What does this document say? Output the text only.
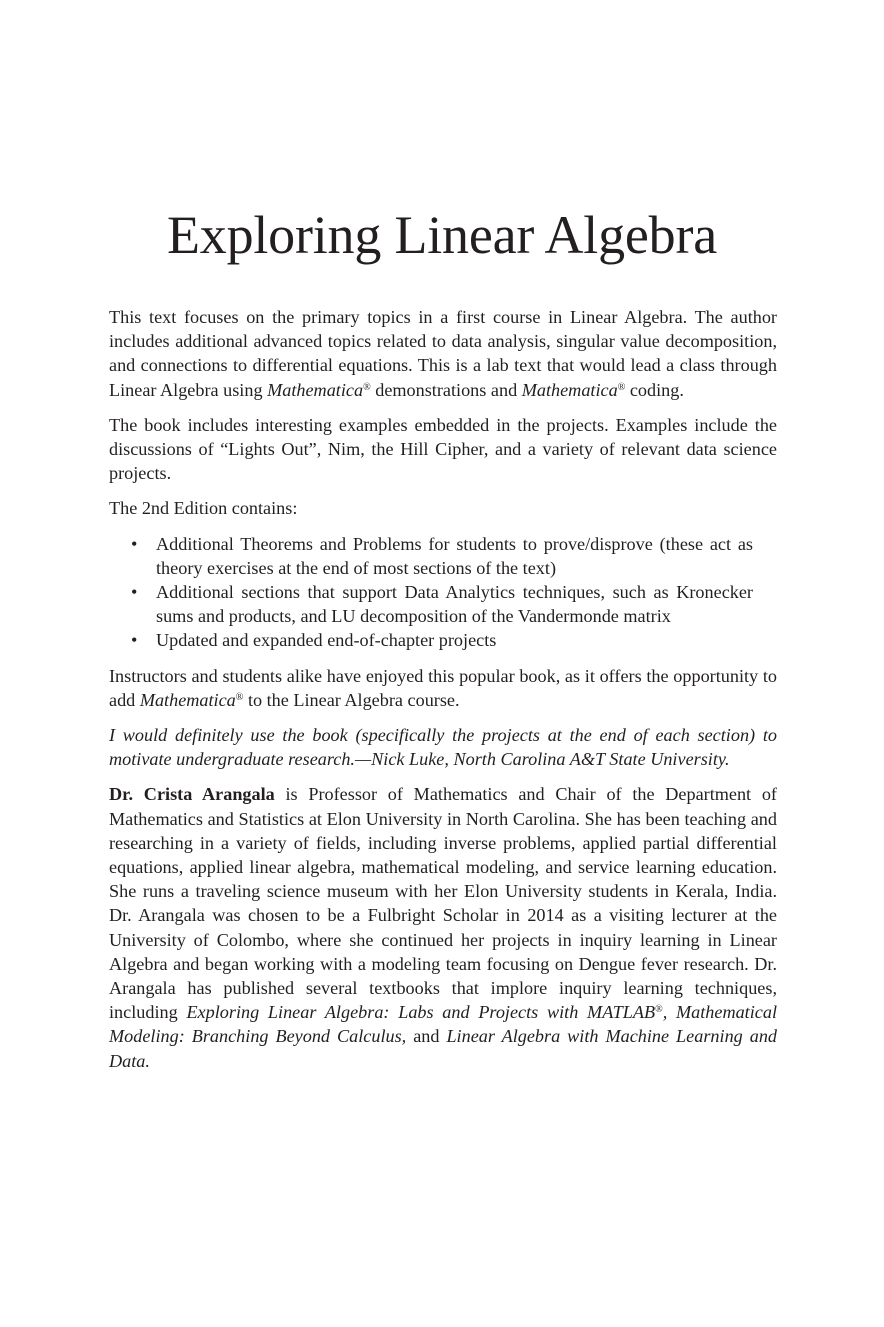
Exploring Linear Algebra

This text focuses on the primary topics in a first course in Linear Algebra. The author includes additional advanced topics related to data analysis, singular value decomposition, and connections to differential equations. This is a lab text that would lead a class through Linear Algebra using Mathematica® demonstrations and Mathematica® coding.

The book includes interesting examples embedded in the projects. Examples include the discussions of “Lights Out”, Nim, the Hill Cipher, and a variety of relevant data science projects.

The 2nd Edition contains:

• Additional Theorems and Problems for students to prove/disprove (these act as theory exercises at the end of most sections of the text)
• Additional sections that support Data Analytics techniques, such as Kronecker sums and products, and LU decomposition of the Vandermonde matrix
• Updated and expanded end-of-chapter projects

Instructors and students alike have enjoyed this popular book, as it offers the opportunity to add Mathematica® to the Linear Algebra course.

I would definitely use the book (specifically the projects at the end of each section) to motivate undergraduate research.—Nick Luke, North Carolina A&T State University.

Dr. Crista Arangala is Professor of Mathematics and Chair of the Department of Mathematics and Statistics at Elon University in North Carolina. She has been teaching and researching in a variety of fields, including inverse problems, applied partial differential equations, applied linear algebra, mathematical modeling, and service learning education. She runs a traveling science museum with her Elon University students in Kerala, India. Dr. Arangala was chosen to be a Fulbright Scholar in 2014 as a visiting lecturer at the University of Colombo, where she continued her projects in inquiry learning in Linear Algebra and began working with a modeling team focusing on Dengue fever research. Dr. Arangala has published several textbooks that implore inquiry learning techniques, including Exploring Linear Algebra: Labs and Projects with MATLAB®, Mathematical Modeling: Branching Beyond Calculus, and Linear Algebra with Machine Learning and Data.
